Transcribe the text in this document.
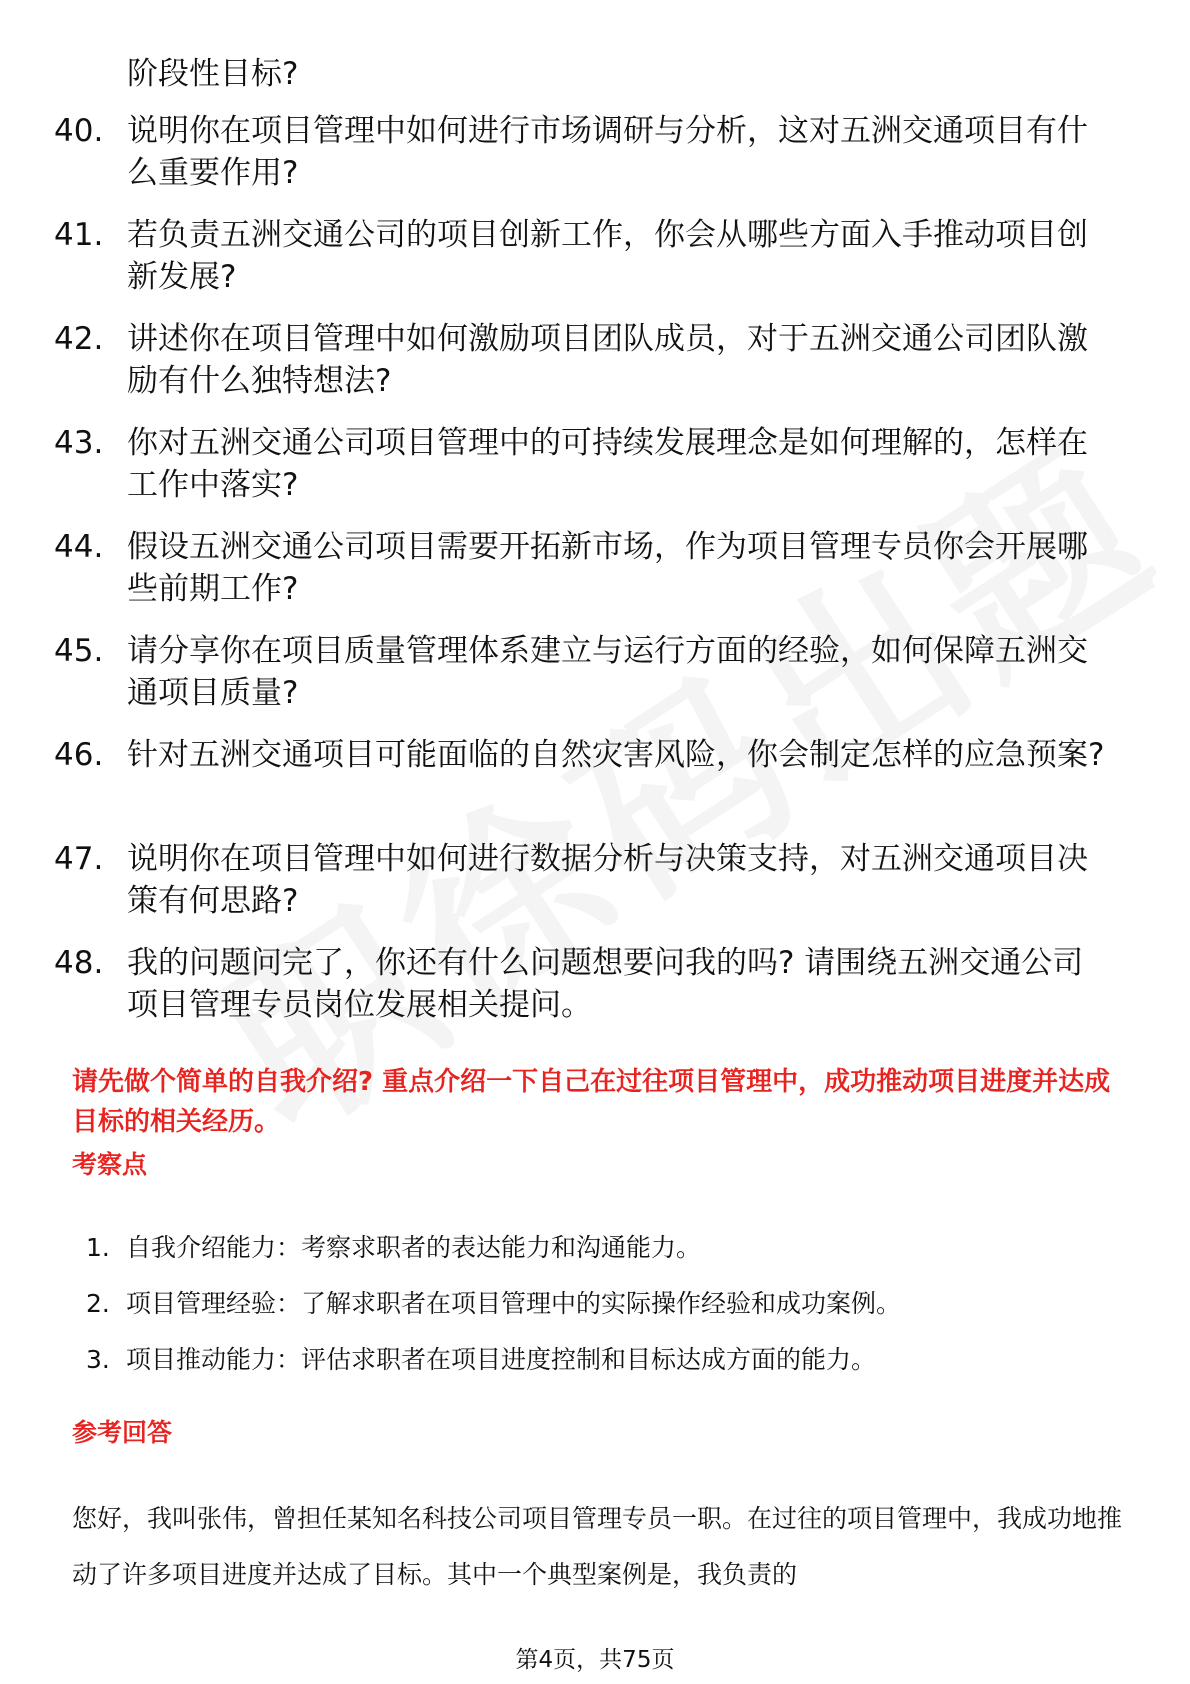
阶段性目标?
40. 说明你在项目管理中如何进行市场调研与分析，这对五洲交通项目有什么重要作用?
41. 若负责五洲交通公司的项目创新工作，你会从哪些方面入手推动项目创新发展?
42. 讲述你在项目管理中如何激励项目团队成员，对于五洲交通公司团队激励有什么独特想法?
43. 你对五洲交通公司项目管理中的可持续发展理念是如何理解的，怎样在工作中落实?
44. 假设五洲交通公司项目需要开拓新市场，作为项目管理专员你会开展哪些前期工作?
45. 请分享你在项目质量管理体系建立与运行方面的经验，如何保障五洲交通项目质量?
46. 针对五洲交通项目可能面临的自然灾害风险，你会制定怎样的应急预案?
47. 说明你在项目管理中如何进行数据分析与决策支持，对五洲交通项目决策有何思路?
48. 我的问题问完了，你还有什么问题想要问我的吗? 请围绕五洲交通公司项目管理专员岗位发展相关提问。
请先做个简单的自我介绍? 重点介绍一下自己在过往项目管理中，成功推动项目进度并达成目标的相关经历。
考察点
1. 自我介绍能力：考察求职者的表达能力和沟通能力。
2. 项目管理经验：了解求职者在项目管理中的实际操作经验和成功案例。
3. 项目推动能力：评估求职者在项目进度控制和目标达成方面的能力。
参考回答
您好，我叫张伟，曾担任某知名科技公司项目管理专员一职。在过往的项目管理中，我成功地推动了许多项目进度并达成了目标。其中一个典型案例是，我负责的
第4页，共75页
